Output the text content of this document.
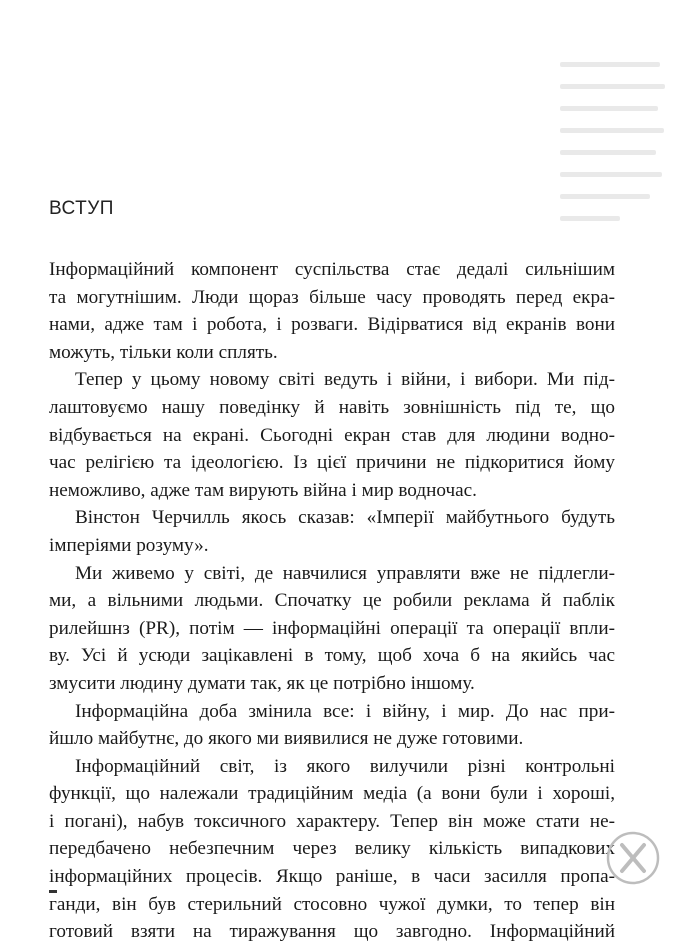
ВСТУП

Інформаційний компонент суспільства стає дедалі сильнішим
та могутнішим. Люди щораз більше часу проводять перед екра-
нами, адже там і робота, і розваги. Відірватися від екранів вони
можуть, тільки коли сплять.

Тепер у цьому новому світі ведуть і війни, і вибори. Ми під-
лаштовуємо нашу поведінку й навіть зовнішність під те, що
відбувається на екрані. Сьогодні екран став для людини водно-
час релігією та ідеологією. Із цієї причини не підкоритися йому
неможливо, адже там вирують війна і мир водночас.

Вінстон Черчилль якось сказав: «Імперії майбутнього будуть
імперіями розуму».

Ми живемо у світі, де навчилися управляти вже не підлегли-
ми, а вільними людьми. Спочатку це робили реклама й паблік
рилейшнз (PR), потім — інформаційні операції та операції впли-
ву. Усі й усюди зацікавлені в тому, щоб хоча б на якийсь час
змусити людину думати так, як це потрібно іншому.

Інформаційна доба змінила все: і війну, і мир. До нас при-
йшло майбутнє, до якого ми виявилися не дуже готовими.

Інформаційний світ, із якого вилучили різні контрольні
функції, що належали традиційним медіа (а вони були і хороші,
і погані), набув токсичного характеру. Тепер він може стати не-
передбачено небезпечним через велику кількість випадкових
інформаційних процесів. Якщо раніше, в часи засилля пропа-
ганди, він був стерильний стосовно чужої думки, то тепер він
готовий взяти на тиражування що завгодно. Інформаційний
